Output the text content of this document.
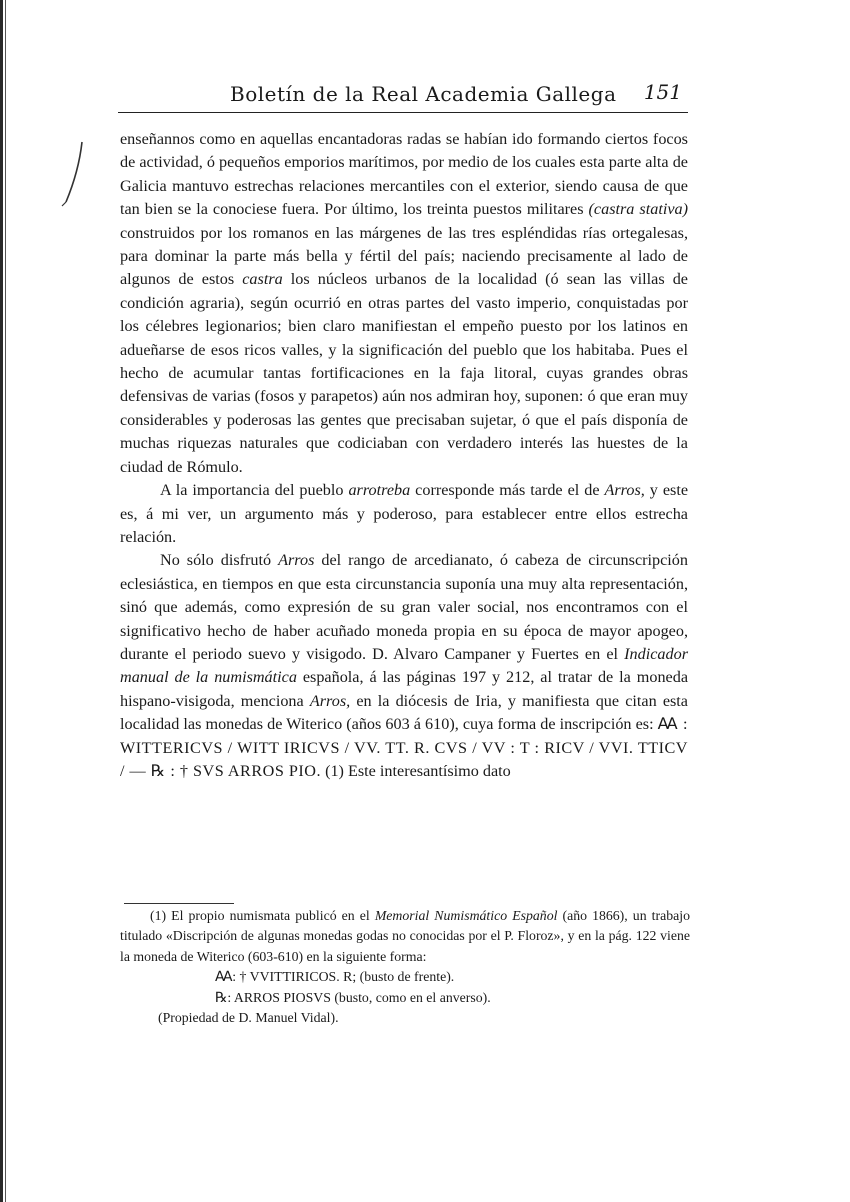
Boletín de la Real Academia Gallega 151

enseñannos como en aquellas encantadoras radas se habían ido formando ciertos focos de actividad, ó pequeños emporios marítimos, por medio de los cuales esta parte alta de Galicia mantuvo estrechas relaciones mercantiles con el exterior, siendo causa de que tan bien se la conociese fuera. Por último, los treinta puestos militares (castra stativa) construidos por los romanos en las márgenes de las tres espléndidas rías ortegalesas, para dominar la parte más bella y fértil del país; naciendo precisamente al lado de algunos de estos castra los núcleos urbanos de la localidad (ó sean las villas de condición agraria), según ocurrió en otras partes del vasto imperio, conquistadas por los célebres legionarios; bien claro manifiestan el empeño puesto por los latinos en adueñarse de esos ricos valles, y la significación del pueblo que los habitaba. Pues el hecho de acumular tantas fortificaciones en la faja litoral, cuyas grandes obras defensivas de varias (fosos y parapetos) aún nos admiran hoy, suponen: ó que eran muy considerables y poderosas las gentes que precisaban sujetar, ó que el país disponía de muchas riquezas naturales que codiciaban con verdadero interés las huestes de la ciudad de Rómulo.

A la importancia del pueblo arrotreba corresponde más tarde el de Arros, y este es, á mi ver, un argumento más y poderoso, para establecer entre ellos estrecha relación.

No sólo disfrutó Arros del rango de arcedianato, ó cabeza de circunscripción eclesiástica, en tiempos en que esta circunstancia suponía una muy alta representación, sinó que además, como expresión de su gran valer social, nos encontramos con el significativo hecho de haber acuñado moneda propia en su época de mayor apogeo, durante el periodo suevo y visigodo. D. Alvaro Campaner y Fuertes en el Indicador manual de la numismática española, á las páginas 197 y 212, al tratar de la moneda hispano-visigoda, menciona Arros, en la diócesis de Iria, y manifiesta que citan esta localidad las monedas de Witerico (años 603 á 610), cuya forma de inscripción es: Ꜳ : WITTERICVS / WITT IRICVS / VV. TT. R. CVS / VV : T : RICV / VVI. TTICV / — ℞ : † SVS ARROS PIO. (1) Este interesantísimo dato

(1) El propio numismata publicó en el Memorial Numismático Español (año 1866), un trabajo titulado «Discripción de algunas monedas godas no conocidas por el P. Floroz», y en la pág. 122 viene la moneda de Witerico (603-610) en la siguiente forma:

Ꜳ: † VVITTIRICOS. R; (busto de frente).

℞: ARROS PIOSVS (busto, como en el anverso).

(Propiedad de D. Manuel Vidal).
